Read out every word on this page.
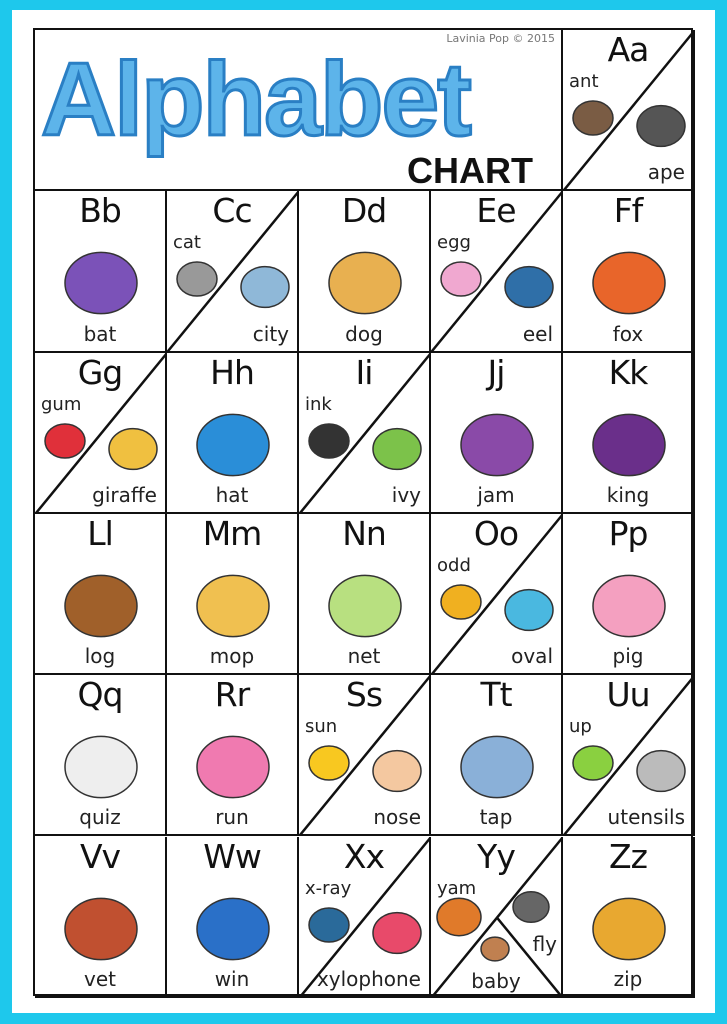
Alphabet
CHART
Lavinia Pop © 2015	Aa
ant
ape
Bb
bat
Cc
cat
city
Dd
dog
Ee
egg
eel
Ff
fox
Gg
gum
giraffe
Hh
hat
Ii
ink
ivy
Jj
jam
Kk
king
Ll
log
Mm
mop
Nn
net
Oo
odd
oval
Pp
pig
Qq
quiz
Rr
run
Ss
sun
nose
Tt
tap
Uu
up
utensils
Vv
vet
Ww
win
Xx
x-ray
xylophone
Yy
yam
fly
baby
Zz
zip
